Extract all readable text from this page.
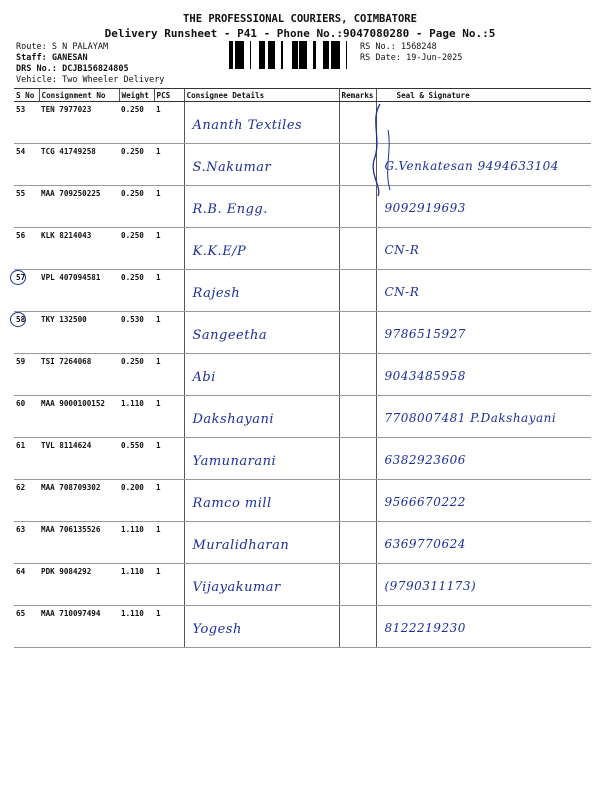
THE PROFESSIONAL COURIERS, COIMBATORE
Delivery Runsheet - P41 - Phone No.:9047080280 - Page No.:5
Route: S N PALAYAM
Staff: GANESAN
DRS No.: DCJB156824805
Vehicle: Two Wheeler Delivery
RS No.: 1568248
RS Date: 19-Jun-2025
S No	Consignment No	Weight	PCS	Consignee Details	Remarks	Seal & Signature
53	TEN 7977023	0.250	1	Ananth Textiles		

54	TCG 41749258	0.250	1	S.Nakumar		G.Venkatesan 9494633104

55	MAA 709250225	0.250	1	R.B. Engg.		9092919693

56	KLK 8214043	0.250	1	K.K.E/P		CN-R

57	VPL 407094581	0.250	1	Rajesh		CN-R

58	TKY 132500	0.530	1	Sangeetha		9786515927

59	TSI 7264068	0.250	1	Abi		9043485958

60	MAA 9000100152	1.110	1	Dakshayani		7708007481 P.Dakshayani

61	TVL 8114624	0.550	1	Yamunarani		6382923606

62	MAA 708709302	0.200	1	Ramco mill		9566670222

63	MAA 706135526	1.110	1	Muralidharan		6369770624

64	PDK 9084292	1.110	1	Vijayakumar		(9790311173)

65	MAA 710097494	1.110	1	Yogesh		8122219230
